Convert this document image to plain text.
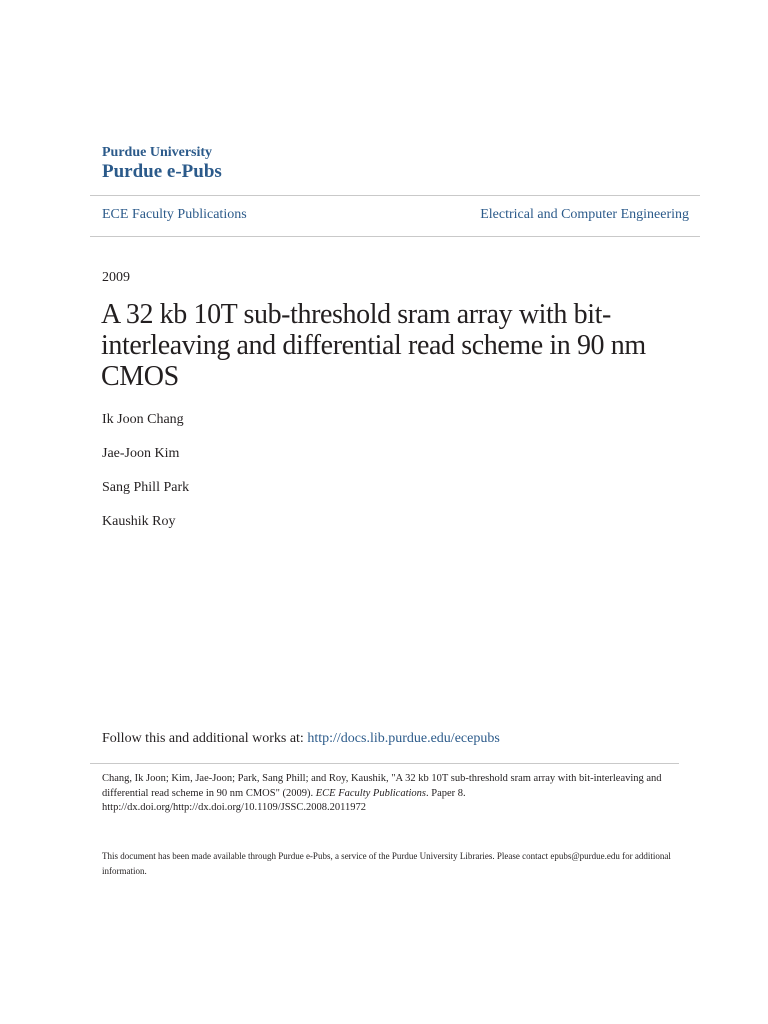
Purdue University
Purdue e-Pubs
ECE Faculty Publications	Electrical and Computer Engineering
2009
A 32 kb 10T sub-threshold sram array with bit-interleaving and differential read scheme in 90 nm CMOS
Ik Joon Chang
Jae-Joon Kim
Sang Phill Park
Kaushik Roy
Follow this and additional works at: http://docs.lib.purdue.edu/ecepubs
Chang, Ik Joon; Kim, Jae-Joon; Park, Sang Phill; and Roy, Kaushik, "A 32 kb 10T sub-threshold sram array with bit-interleaving and differential read scheme in 90 nm CMOS" (2009). ECE Faculty Publications. Paper 8.
http://dx.doi.org/http://dx.doi.org/10.1109/JSSC.2008.2011972
This document has been made available through Purdue e-Pubs, a service of the Purdue University Libraries. Please contact epubs@purdue.edu for additional information.
